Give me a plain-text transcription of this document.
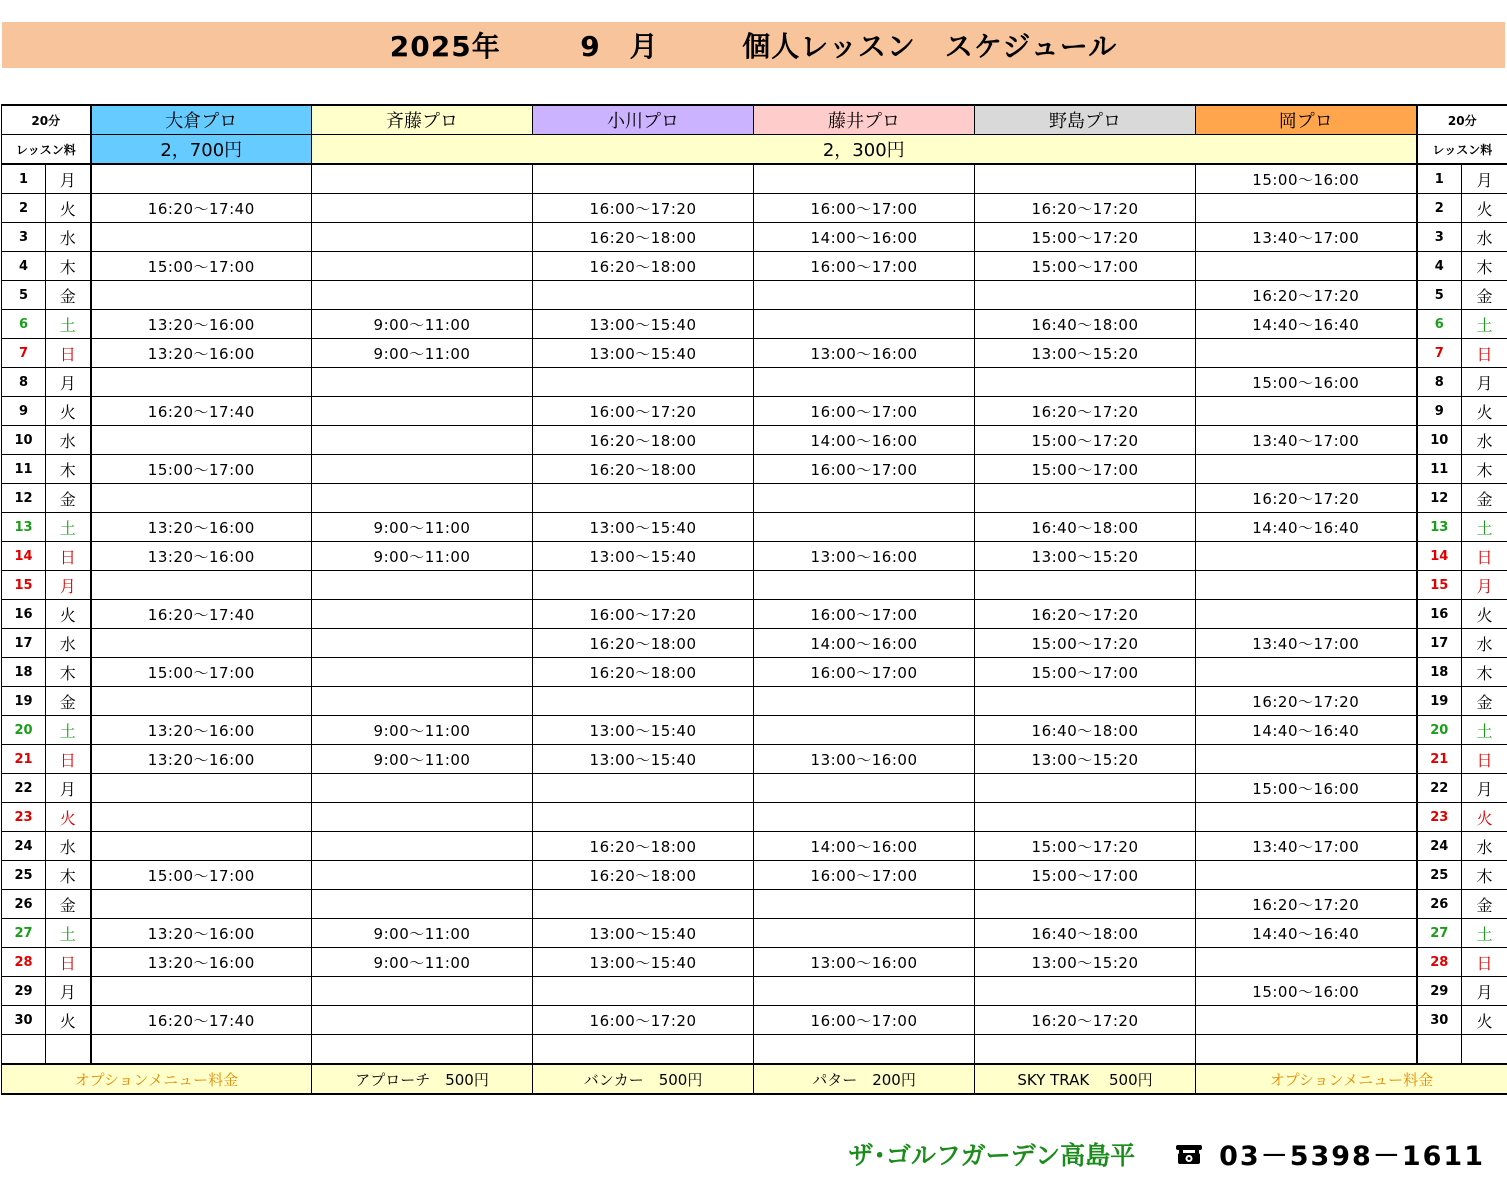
2025年	9　月	個人レッスン　スケジュール
20分		大倉プロ	斉藤プロ	小川プロ	藤井プロ	野島プロ	岡プロ	20分	
レッスン料		2，700円	2，300円					レッスン料	
1	月						15:00～16:00	1	月
2	火	16:20～17:40		16:00～17:20	16:00～17:00	16:20～17:20		2	火
3	水			16:20～18:00	14:00～16:00	15:00～17:20	13:40～17:00	3	水
4	木	15:00～17:00		16:20～18:00	16:00～17:00	15:00～17:00		4	木
5	金						16:20～17:20	5	金
6	土	13:20～16:00	9:00～11:00	13:00～15:40		16:40～18:00	14:40～16:40	6	土
7	日	13:20～16:00	9:00～11:00	13:00～15:40	13:00～16:00	13:00～15:20		7	日
8	月						15:00～16:00	8	月
9	火	16:20～17:40		16:00～17:20	16:00～17:00	16:20～17:20		9	火
10	水			16:20～18:00	14:00～16:00	15:00～17:20	13:40～17:00	10	水
11	木	15:00～17:00		16:20～18:00	16:00～17:00	15:00～17:00		11	木
12	金						16:20～17:20	12	金
13	土	13:20～16:00	9:00～11:00	13:00～15:40		16:40～18:00	14:40～16:40	13	土
14	日	13:20～16:00	9:00～11:00	13:00～15:40	13:00～16:00	13:00～15:20		14	日
15	月							15	月
16	火	16:20～17:40		16:00～17:20	16:00～17:00	16:20～17:20		16	火
17	水			16:20～18:00	14:00～16:00	15:00～17:20	13:40～17:00	17	水
18	木	15:00～17:00		16:20～18:00	16:00～17:00	15:00～17:00		18	木
19	金						16:20～17:20	19	金
20	土	13:20～16:00	9:00～11:00	13:00～15:40		16:40～18:00	14:40～16:40	20	土
21	日	13:20～16:00	9:00～11:00	13:00～15:40	13:00～16:00	13:00～15:20		21	日
22	月						15:00～16:00	22	月
23	火							23	火
24	水			16:20～18:00	14:00～16:00	15:00～17:20	13:40～17:00	24	水
25	木	15:00～17:00		16:20～18:00	16:00～17:00	15:00～17:00		25	木
26	金						16:20～17:20	26	金
27	土	13:20～16:00	9:00～11:00	13:00～15:40		16:40～18:00	14:40～16:40	27	土
28	日	13:20～16:00	9:00～11:00	13:00～15:40	13:00～16:00	13:00～15:20		28	日
29	月						15:00～16:00	29	月
30	火	16:20～17:40		16:00～17:20	16:00～17:00	16:20～17:20		30	火

オプションメニュー料金			アプローチ　500円	バンカー　500円	パター　200円	SKY TRAK　 500円	オプションメニュー料金		
ザ･ゴルフガーデン高島平	03－5398－1611
